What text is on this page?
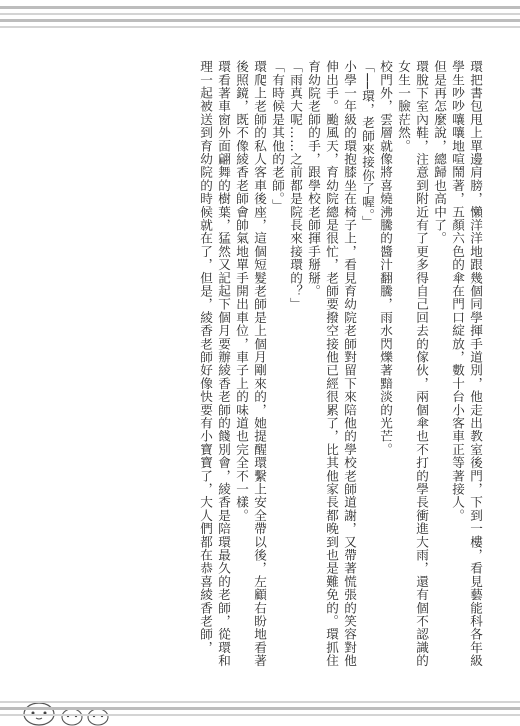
環把書包甩上單邊肩膀，懶洋洋地跟幾個同學揮手道別，他走出教室後門，下到一樓，看見藝能科各年級學生吵吵嚷嚷地喧鬧著，五顏六色的傘在門口綻放，數十台小客車正等著接人。

但是再怎麼說，總歸也高中了。

環脫下室內鞋，注意到附近有了更多得自己回去的傢伙，兩個傘也不打的學長衝進大雨，還有個不認識的女生一臉茫然。

校門外，雲層就像將喜燒沸騰的醬汁翻騰，雨水閃爍著黯淡的光芒。

「──環，老師來接你了喔。」

小學一年級的環抱膝坐在椅子上，看見育幼院老師對留下來陪他的學校老師道謝，又帶著慌張的笑容對他伸出手。颱風天，育幼院總是很忙，老師要撥空接他已經很累了，比其他家長都晚到也是難免的。環抓住育幼院老師的手，跟學校老師揮手掰掰。

「雨真大呢……之前都是院長來接環的？」

「有時候是其他的老師。」

環爬上老師的私人客車後座，這個短髮老師是上個月剛來的，她提醒環繫上安全帶以後，左顧右盼地看著後照鏡，既不像綾香老師會帥氣地單手開出車位，車子上的味道也完全不一樣。

環看著車窗外面翩舞的樹葉，猛然又記起下個月要辦綾香老師的餞別會，綾香是陪環最久的老師，從環和理一起被送到育幼院的時候就在了，但是，綾香老師好像快要有小寶寶了，大人們都在恭喜綾香老師，
